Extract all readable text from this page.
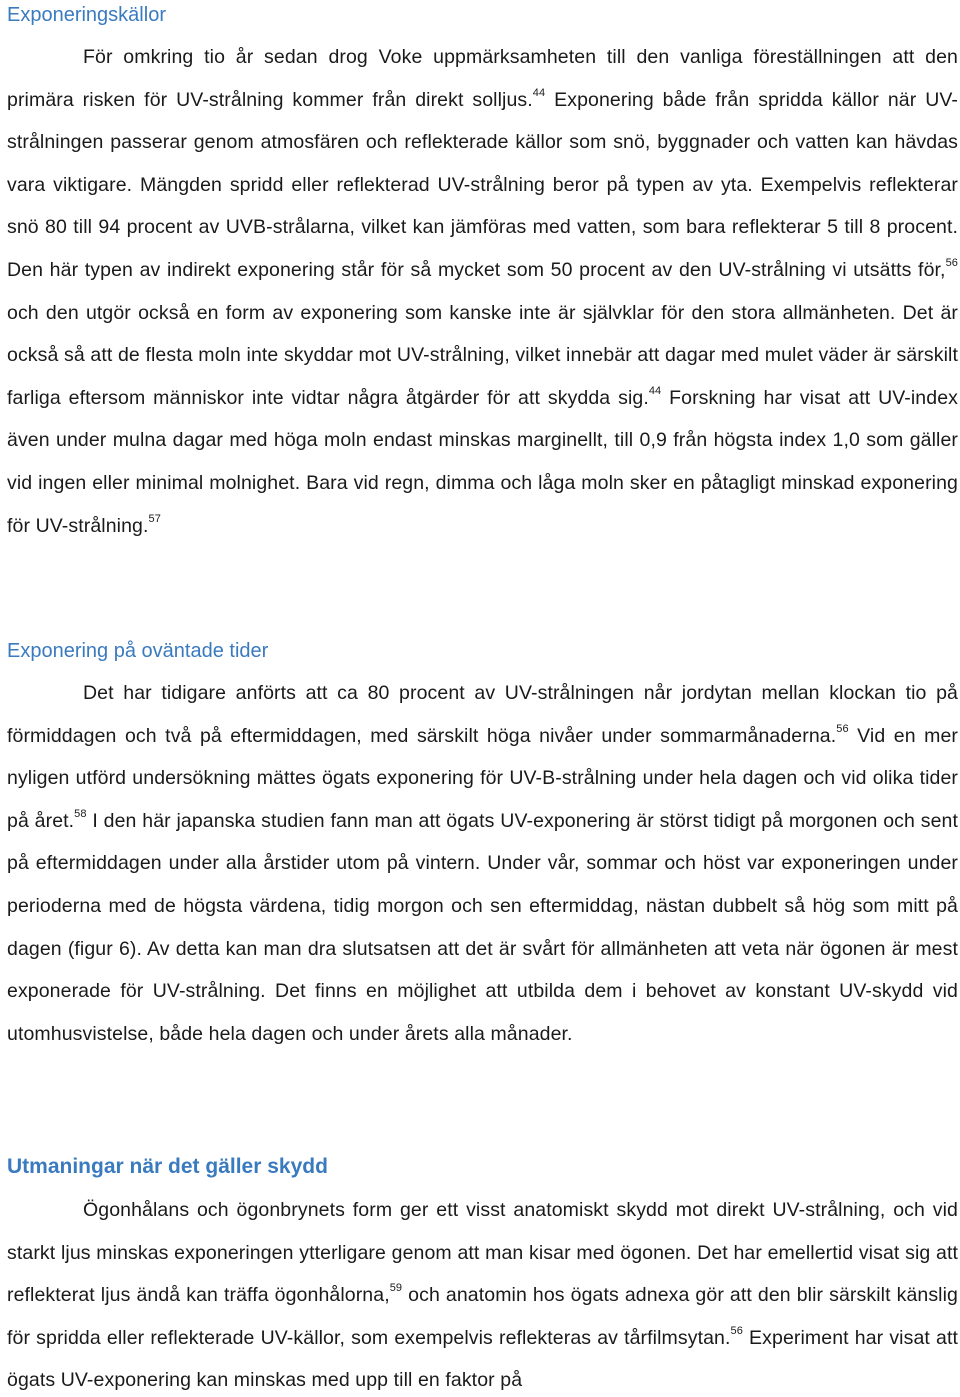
Exponeringskällor

För omkring tio år sedan drog Voke uppmärksamheten till den vanliga föreställningen att den primära risken för UV-strålning kommer från direkt solljus.$^{44}$ Exponering både från spridda källor när UV-strålningen passerar genom atmosfären och reflekterade källor som snö, byggnader och vatten kan hävdas vara viktigare. Mängden spridd eller reflekterad UV-strålning beror på typen av yta. Exempelvis reflekterar snö 80 till 94 procent av UVB-strålarna, vilket kan jämföras med vatten, som bara reflekterar 5 till 8 procent. Den här typen av indirekt exponering står för så mycket som 50 procent av den UV-strålning vi utsätts för,$^{56}$ och den utgör också en form av exponering som kanske inte är självklar för den stora allmänheten. Det är också så att de flesta moln inte skyddar mot UV-strålning, vilket innebär att dagar med mulet väder är särskilt farliga eftersom människor inte vidtar några åtgärder för att skydda sig.$^{44}$ Forskning har visat att UV-index även under mulna dagar med höga moln endast minskas marginellt, till 0,9 från högsta index 1,0 som gäller vid ingen eller minimal molnighet. Bara vid regn, dimma och låga moln sker en påtagligt minskad exponering för UV-strålning.$^{57}$

Exponering på oväntade tider

Det har tidigare anförts att ca 80 procent av UV-strålningen når jordytan mellan klockan tio på förmiddagen och två på eftermiddagen, med särskilt höga nivåer under sommarmånaderna.$^{56}$ Vid en mer nyligen utförd undersökning mättes ögats exponering för UV-B-strålning under hela dagen och vid olika tider på året.$^{58}$ I den här japanska studien fann man att ögats UV-exponering är störst tidigt på morgonen och sent på eftermiddagen under alla årstider utom på vintern. Under vår, sommar och höst var exponeringen under perioderna med de högsta värdena, tidig morgon och sen eftermiddag, nästan dubbelt så hög som mitt på dagen (figur 6). Av detta kan man dra slutsatsen att det är svårt för allmänheten att veta när ögonen är mest exponerade för UV-strålning. Det finns en möjlighet att utbilda dem i behovet av konstant UV-skydd vid utomhusvistelse, både hela dagen och under årets alla månader.

Utmaningar när det gäller skydd

Ögonhålans och ögonbrynets form ger ett visst anatomiskt skydd mot direkt UV-strålning, och vid starkt ljus minskas exponeringen ytterligare genom att man kisar med ögonen. Det har emellertid visat sig att reflekterat ljus ändå kan träffa ögonhålorna,$^{59}$ och anatomin hos ögats adnexa gör att den blir särskilt känslig för spridda eller reflekterade UV-källor, som exempelvis reflekteras av tårfilmsytan.$^{56}$ Experiment har visat att ögats UV-exponering kan minskas med upp till en faktor på
